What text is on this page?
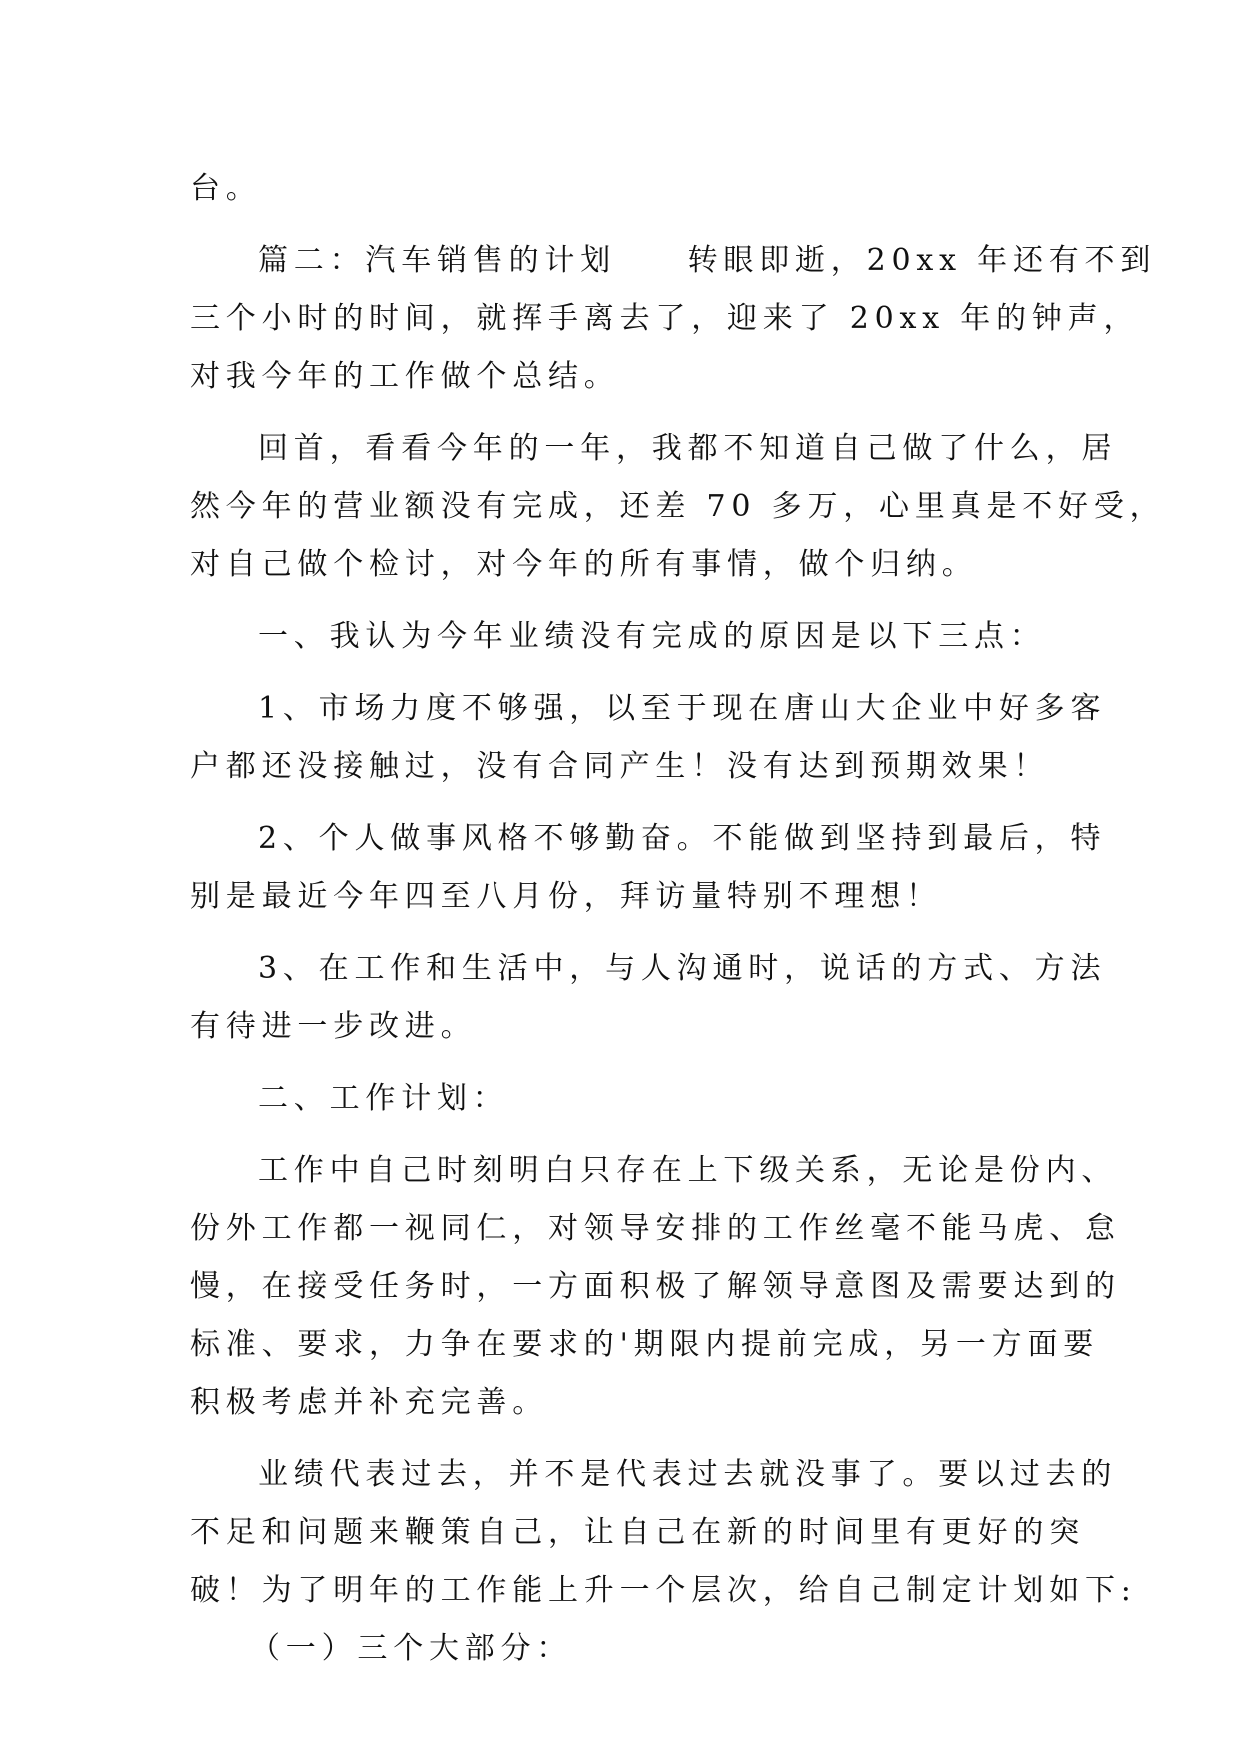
台。
篇二：汽车销售的计划　　转眼即逝，20xx 年还有不到
三个小时的时间，就挥手离去了，迎来了 20xx 年的钟声，
对我今年的工作做个总结。
回首，看看今年的一年，我都不知道自己做了什么，居
然今年的营业额没有完成，还差 70 多万，心里真是不好受，
对自己做个检讨，对今年的所有事情，做个归纳。
一、我认为今年业绩没有完成的原因是以下三点：
1、市场力度不够强，以至于现在唐山大企业中好多客
户都还没接触过，没有合同产生！没有达到预期效果！
2、个人做事风格不够勤奋。不能做到坚持到最后，特
别是最近今年四至八月份，拜访量特别不理想！
3、在工作和生活中，与人沟通时，说话的方式、方法
有待进一步改进。
二、工作计划：
工作中自己时刻明白只存在上下级关系，无论是份内、
份外工作都一视同仁，对领导安排的工作丝毫不能马虎、怠
慢，在接受任务时，一方面积极了解领导意图及需要达到的
标准、要求，力争在要求的'期限内提前完成，另一方面要
积极考虑并补充完善。
业绩代表过去，并不是代表过去就没事了。要以过去的
不足和问题来鞭策自己，让自己在新的时间里有更好的突
破！为了明年的工作能上升一个层次，给自己制定计划如下:
（一）三个大部分：
